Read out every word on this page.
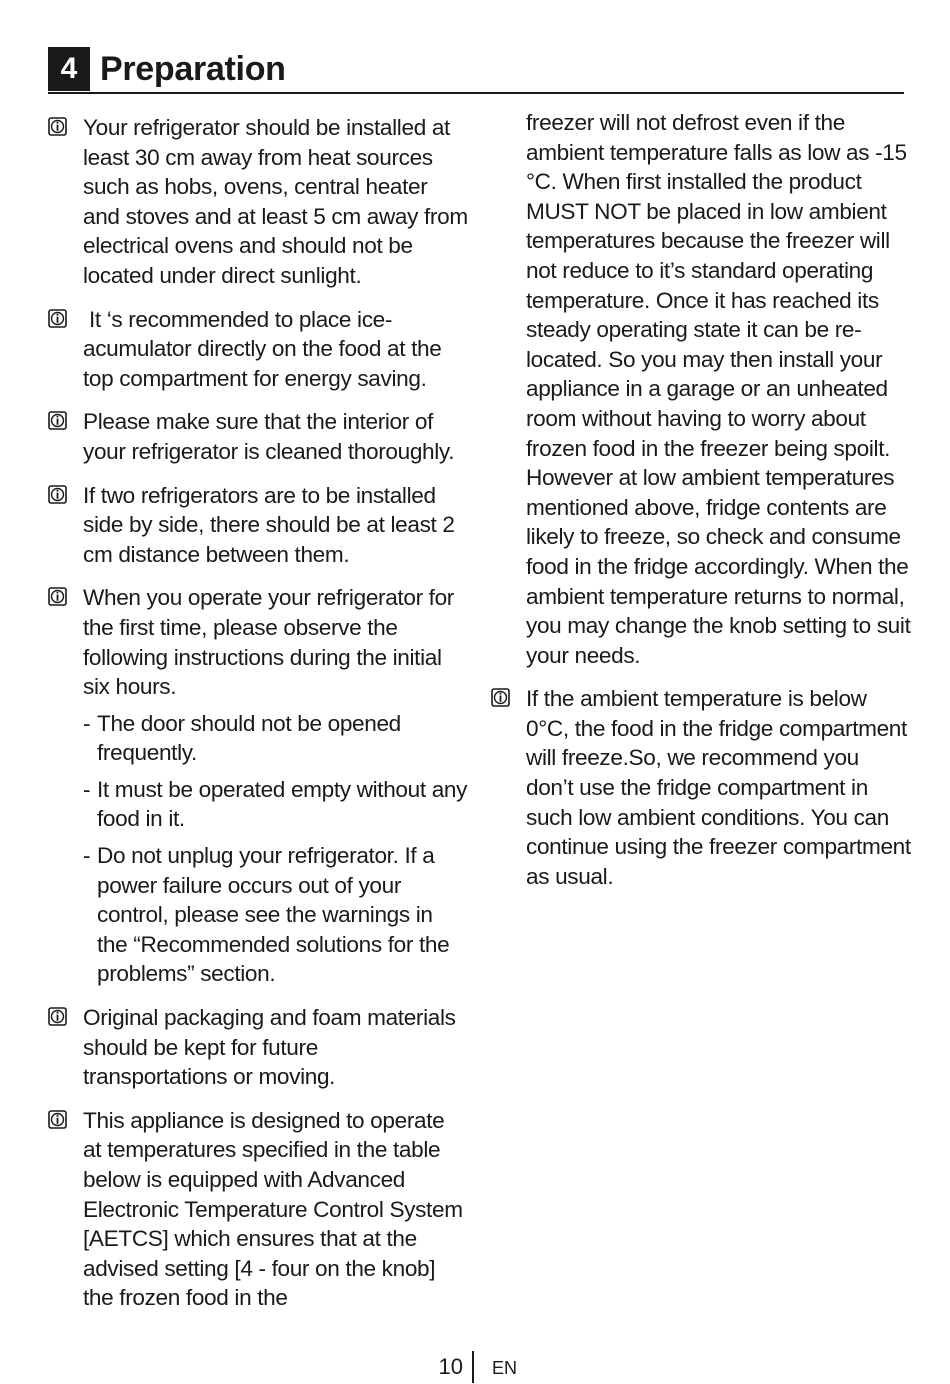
4 Preparation

Your refrigerator should be installed at least 30 cm away from heat sources such as hobs, ovens, central heater and stoves and at least 5 cm away from electrical ovens and should not be located under direct sunlight.

It ‘s recommended to place ice-acumulator directly on the food at the top compartment for energy saving.

Please make sure that the interior of your refrigerator is cleaned thoroughly.

If two refrigerators are to be installed side by side, there should be at least 2 cm distance between them.

When you operate your refrigerator for the first time, please observe the following instructions during the initial six hours.

- The door should not be opened frequently.
- It must be operated empty without any food in it.
- Do not unplug your refrigerator. If a power failure occurs out of your control, please see the warnings in the “Recommended solutions for the problems” section.

Original packaging and foam materials should be kept for future transportations or moving.

This appliance is designed to operate at temperatures specified in the table below is equipped with Advanced Electronic Temperature Control System [AETCS] which ensures that at the advised setting [4 - four on the knob] the frozen food in the

freezer will not defrost even if the ambient temperature falls as low as -15 °C. When first installed the product MUST NOT be placed in low ambient temperatures because the freezer will not reduce to it’s standard operating temperature. Once it has reached its steady operating state it can be re-located. So you may then install your appliance in a garage or an unheated room without having to worry about frozen food in the freezer being spoilt. However at low ambient temperatures mentioned above, fridge contents are likely to freeze, so check and consume food in the fridge accordingly. When the ambient temperature returns to normal, you may change the knob setting to suit your needs.

If the ambient temperature is below 0°C, the food in the fridge compartment will freeze.So, we recommend you don’t use the fridge compartment in such low ambient conditions. You can continue using the freezer compartment as usual.

10 EN
